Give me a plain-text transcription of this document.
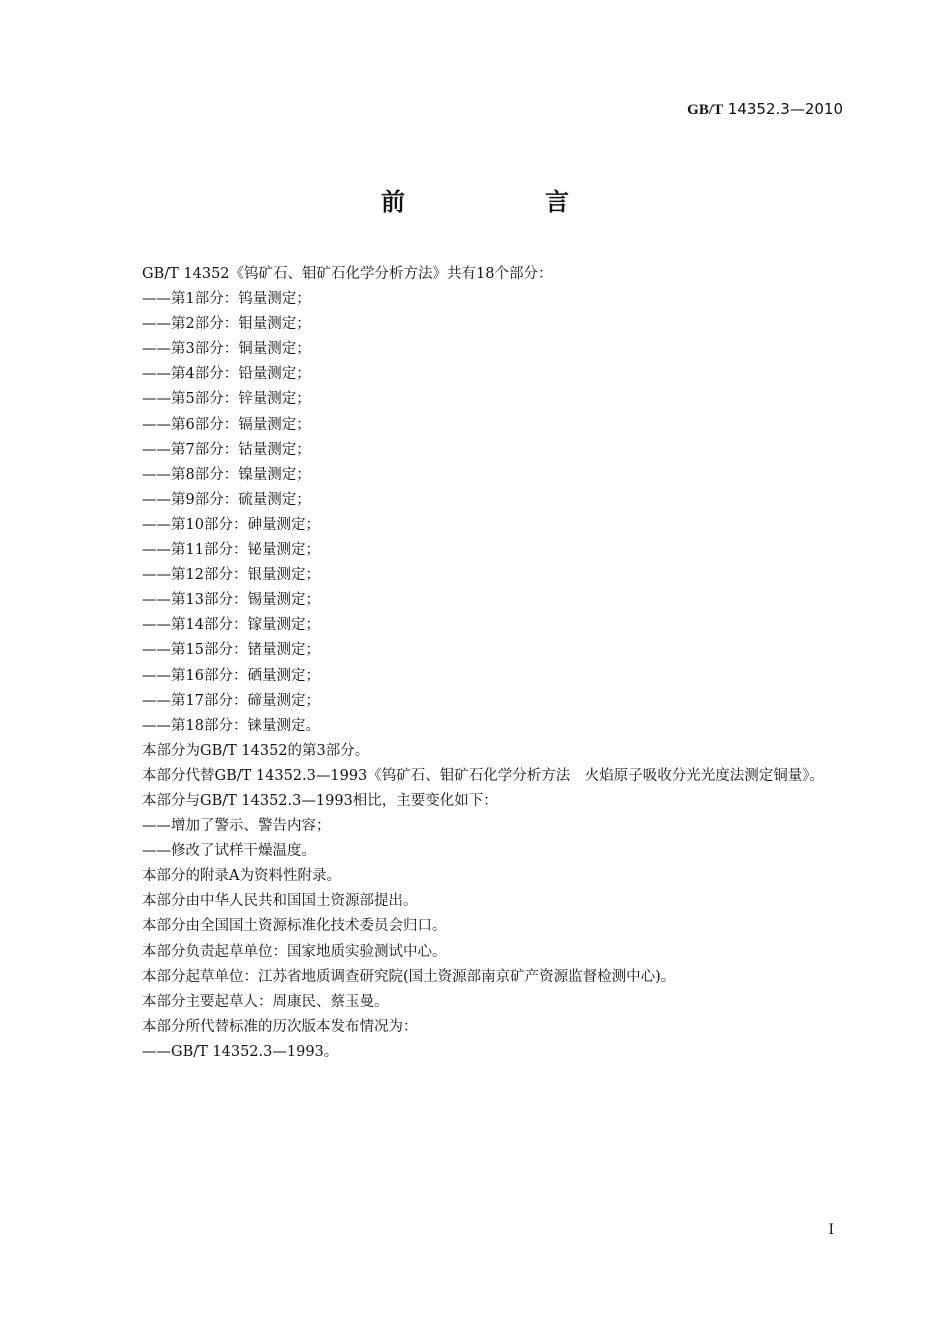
GB/T 14352.3—2010
前　言

GB/T 14352《钨矿石、钼矿石化学分析方法》共有18个部分：

——第1部分：钨量测定；

——第2部分：钼量测定；

——第3部分：铜量测定；

——第4部分：铅量测定；

——第5部分：锌量测定；

——第6部分：镉量测定；

——第7部分：钴量测定；

——第8部分：镍量测定；

——第9部分：硫量测定；

——第10部分：砷量测定；

——第11部分：铋量测定；

——第12部分：银量测定；

——第13部分：锡量测定；

——第14部分：镓量测定；

——第15部分：锗量测定；

——第16部分：硒量测定；

——第17部分：碲量测定；

——第18部分：铼量测定。

本部分为GB/T 14352的第3部分。

本部分代替GB/T 14352.3—1993《钨矿石、钼矿石化学分析方法　火焰原子吸收分光光度法测定铜量》。

本部分与GB/T 14352.3—1993相比，主要变化如下：

——增加了警示、警告内容；

——修改了试样干燥温度。

本部分的附录A为资料性附录。

本部分由中华人民共和国国土资源部提出。

本部分由全国国土资源标准化技术委员会归口。

本部分负责起草单位：国家地质实验测试中心。

本部分起草单位：江苏省地质调查研究院(国土资源部南京矿产资源监督检测中心)。

本部分主要起草人：周康民、蔡玉曼。

本部分所代替标准的历次版本发布情况为：

——GB/T 14352.3—1993。

I
